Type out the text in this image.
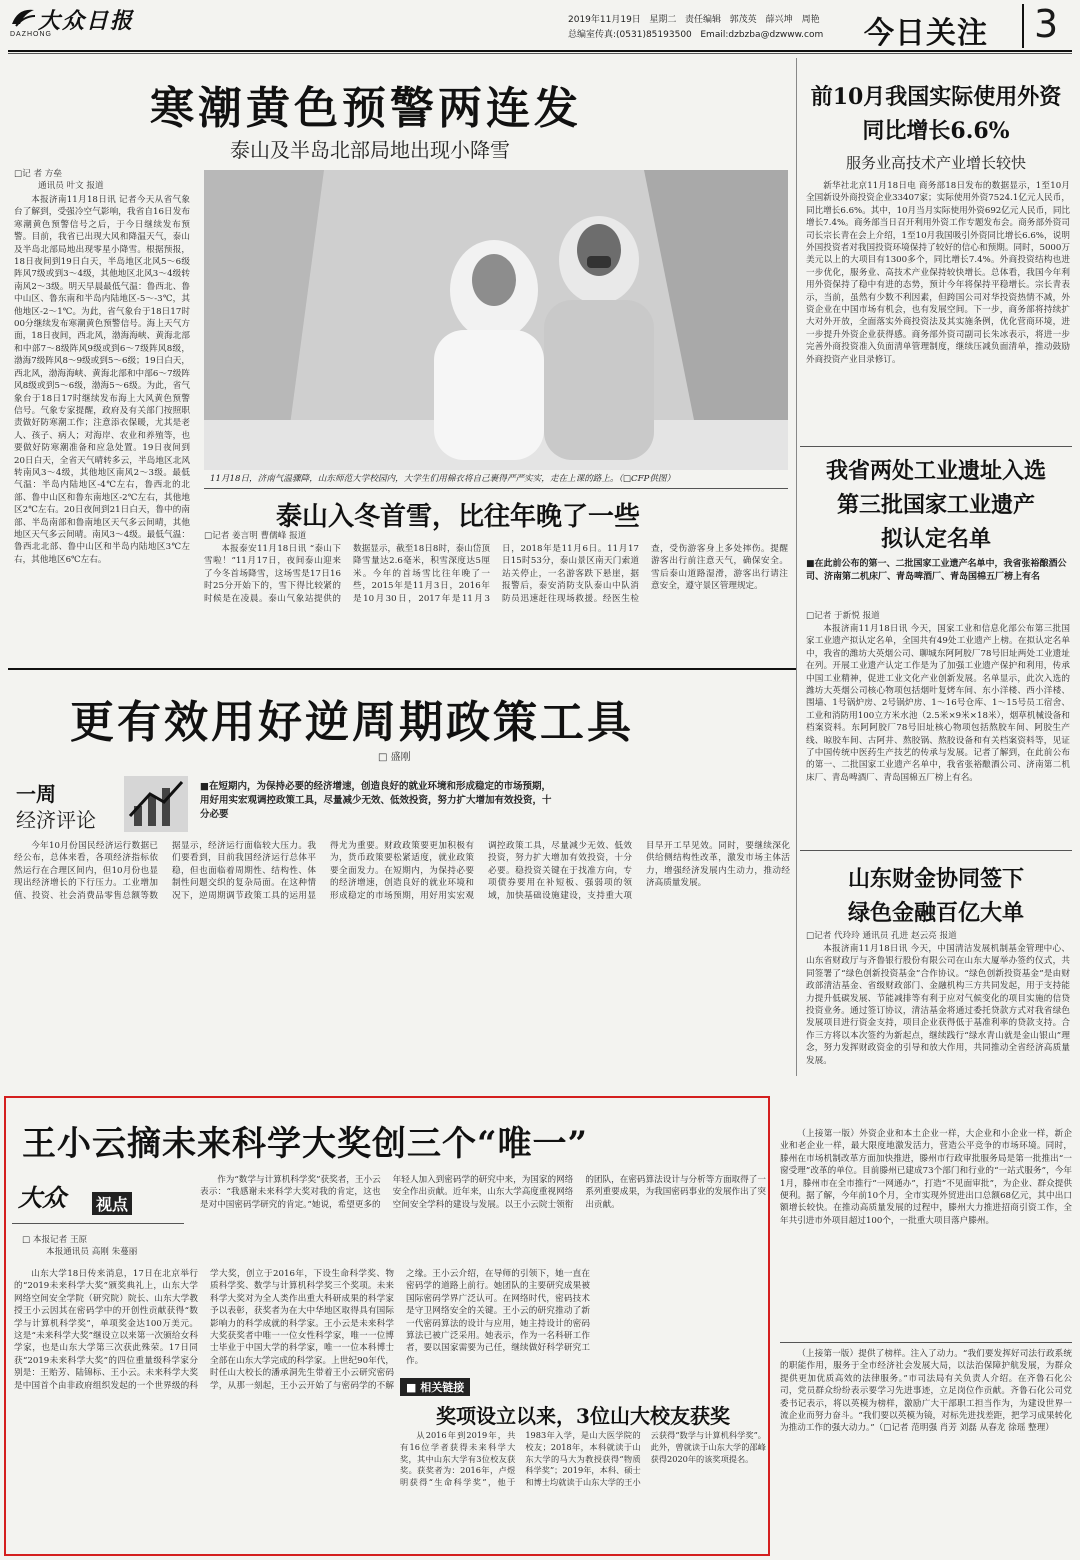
大众日报
DAZHONG
2019年11月19日 星期二 责任编辑 郭茂英　薛兴坤　周艳
总编室传真:(0531)85193500 Email:dzbzba@dzwww.com 今日关注 3
寒潮黄色预警两连发
泰山及半岛北部局地出现小降雪
□记 者 方垒
通讯员 叶文 报道

本报济南11月18日讯 记者今天从省气象台了解到，受强冷空气影响，我省自16日发布寒潮黄色预警信号之后，于今日继续发布预警。目前，我省已出现大风和降温天气，泰山及半岛北部局地出现零星小降雪。根据预报，18日夜间到19日白天，半岛地区北风5～6级阵风7级或到3～4级，其他地区北风3～4级转南风2～3级。明天早晨最低气温：鲁西北、鲁中山区、鲁东南和半岛内陆地区-5～-3℃，其他地区-2～1℃。为此，省气象台于18日17时00分继续发布寒潮黄色预警信号。海上天气方面，18日夜间，西北风，渤海海峡、黄海北部和中部7～8级阵风9级或到6～7级阵风8级，渤海7级阵风8～9级或到5～6级；19日白天，西北风，渤海海峡、黄海北部和中部6～7级阵风8级或到5～6级，渤海5～6级。为此，省气象台于18日17时继续发布海上大风黄色预警信号。气象专家提醒，政府及有关部门按照职责做好防寒潮工作；注意添衣保暖，尤其是老人、孩子、病人；对海岸、农业和养殖等，也要做好防寒潮准备和应急处置。19日夜间到20日白天，全省天气晴转多云，半岛地区北风转南风3～4级，其他地区南风2～3级。最低气温：半岛内陆地区-4℃左右，鲁西北的北部、鲁中山区和鲁东南地区-2℃左右，其他地区2℃左右。20日夜间到21日白天，鲁中的南部、半岛南部和鲁南地区天气多云间晴，其他地区天气多云间晴。南风3～4级。最低气温：鲁西北北部、鲁中山区和半岛内陆地区3℃左右，其他地区6℃左右。

11月18日，济南气温骤降，山东师范大学校园内，大学生们用棉衣将自己裹得严严实实，走在上课的路上。（□CFP供图）
泰山入冬首雪，比往年晚了一些
□记者 姜言明 曹儒峰 报道

本报泰安11月18日讯 “泰山下雪啦！”11月17日，夜间泰山迎来了今冬首场降雪，这场雪是17日16时25分开始下的，雪下得比较紧的时候是在凌晨。泰山气象站提供的数据显示，截至18日8时，泰山岱顶降雪量达2.6毫米，积雪深度达5厘米。今年的首场雪比往年晚了一些，2015年是11月3日，2016年是10月30日，2017年是11月3日，2018年是11月6日。11月17日15时53分，泰山景区南天门索道站关停止，一名游客跌下悬崖，据报警后，泰安消防支队泰山中队消防员迅速赶往现场救援。经医生检查，受伤游客身上多处摔伤。提醒游客出行前注意天气，确保安全。雪后泰山道路湿滑，游客出行请注意安全，遵守景区管理规定。

前10月我国实际使用外资
同比增长6.6%
服务业高技术产业增长较快

新华社北京11月18日电 商务部18日发布的数据显示，1至10月全国新设外商投资企业33407家；实际使用外资7524.1亿元人民币，同比增长6.6%。其中，10月当月实际使用外资692亿元人民币，同比增长7.4%。商务部当日召开利用外资工作专题发布会。商务部外资司司长宗长青在会上介绍，1至10月我国吸引外资同比增长6.6%，说明外国投资者对我国投资环境保持了较好的信心和预期。同时，5000万美元以上的大项目有1300多个，同比增长7.4%。外商投资结构也进一步优化，服务业、高技术产业保持较快增长。总体看，我国今年利用外资保持了稳中有进的态势，预计今年将保持平稳增长。宗长青表示，当前，虽然有少数不利因素，但跨国公司对华投资热情不减，外资企业在中国市场有机会，也有发展空间。下一步，商务部将持续扩大对外开放，全面落实外商投资法及其实施条例，优化营商环境，进一步提升外资企业获得感。商务部外资司副司长朱冰表示，将进一步完善外商投资准入负面清单管理制度，继续压减负面清单，推动鼓励外商投资产业目录修订。

我省两处工业遗址入选
第三批国家工业遗产
拟认定名单
■在此前公布的第一、二批国家工业遗产名单中，我省张裕酿酒公司、济南第二机床厂、青岛啤酒厂、青岛国棉五厂榜上有名
□记者 于新悦 报道

本报济南11月18日讯 今天，国家工业和信息化部公布第三批国家工业遗产拟认定名单，全国共有49处工业遗产上榜。在拟认定名单中，我省的潍坊大英烟公司、聊城东阿阿胶厂78号旧址两处工业遗址在列。开展工业遗产认定工作是为了加强工业遗产保护和利用，传承中国工业精神，促进工业文化产业创新发展。名单显示，此次入选的潍坊大英烟公司核心物项包括烟叶复烤车间、东小洋楼、西小洋楼、围墙、1号锅炉房、2号锅炉房、1～16号仓库、1～15号员工宿舍、工业和消防用100立方米水池（2.5米×9米×18米），烟草机械设备和档案资料。东阿阿胶厂78号旧址核心物项包括熬胶车间、阿胶生产线、晾胶车间、古阿井、熬胶锅、熬胶设备和有关档案资料等，见证了中国传统中医药生产技艺的传承与发展。记者了解到，在此前公布的第一、二批国家工业遗产名单中，我省张裕酿酒公司、济南第二机床厂、青岛啤酒厂、青岛国棉五厂榜上有名。

山东财金协同签下
绿色金融百亿大单
□记者 代玲玲 通讯员 孔进 赵云亮 报道

本报济南11月18日讯 今天，中国清洁发展机制基金管理中心、山东省财政厅与齐鲁银行股份有限公司在山东大厦举办签约仪式，共同签署了“绿色创新投资基金”合作协议。“绿色创新投资基金”是由财政部清洁基金、省级财政部门、金融机构三方共同发起，用于支持能力提升低碳发展、节能减排等有利于应对气候变化的项目实施的信贷投资业务。通过签订协议，清洁基金将通过委托贷款方式对我省绿色发展项目进行资金支持，项目企业获得低于基准利率的贷款支持。合作三方将以本次签约为新起点，继续践行“绿水青山就是金山银山”理念，努力发挥财政资金的引导和放大作用，共同推动全省经济高质量发展。

更有效用好逆周期政策工具
□ 盛刚
一周
经济评论
■在短期内，为保持必要的经济增速，创造良好的就业环境和形成稳定的市场预期，用好用实宏观调控政策工具，尽量减少无效、低效投资，努力扩大增加有效投资，十分必要

今年10月份国民经济运行数据已经公布，总体来看，各项经济指标依然运行在合理区间内，但10月份也显现出经济增长的下行压力。工业增加值、投资、社会消费品零售总额等数据显示，经济运行面临较大压力。我们要看到，目前我国经济运行总体平稳，但也面临着周期性、结构性、体制性问题交织的复杂局面。在这种情况下，逆周期调节政策工具的运用显得尤为重要。财政政策要更加积极有为，货币政策要松紧适度，就业政策要全面发力。在短期内，为保持必要的经济增速，创造良好的就业环境和形成稳定的市场预期，用好用实宏观调控政策工具，尽量减少无效、低效投资，努力扩大增加有效投资，十分必要。稳投资关键在于找准方向，专项债券要用在补短板、强弱项的领域，加快基础设施建设，支持重大项目早开工早见效。同时，要继续深化供给侧结构性改革，激发市场主体活力，增强经济发展内生动力，推动经济高质量发展。

王小云摘未来科学大奖创三个“唯一”
大众 视点
□ 本报记者 王原
本报通讯员 高刚 朱蔓丽

山东大学18日传来消息，17日在北京举行的“2019未来科学大奖”颁奖典礼上，山东大学网络空间安全学院（研究院）院长、山东大学教授王小云因其在密码学中的开创性贡献获得“数学与计算机科学奖”，单项奖金达100万美元。这是“未来科学大奖”继设立以来第一次颁给女科学家，也是山东大学第三次获此殊荣。17日同获“2019未来科学大奖”的四位重量级科学家分别是：王贻芳、陆锦标、王小云。未来科学大奖是中国首个由非政府组织发起的一个世界级的科学大奖，创立于2016年，下设生命科学奖、物质科学奖、数学与计算机科学奖三个奖项。未来科学大奖对为全人类作出重大科研成果的科学家予以表彰，获奖者为在大中华地区取得具有国际影响力的科学成就的科学家。王小云是未来科学大奖获奖者中唯一一位女性科学家，唯一一位博士毕业于中国大学的科学家，唯一一位本科博士全部在山东大学完成的科学家。上世纪90年代，时任山大校长的潘承洞先生带着王小云研究密码学，从那一刻起，王小云开始了与密码学的不解之缘。王小云介绍，在导师的引领下，她一直在密码学的道路上前行。她团队的主要研究成果被国际密码学界广泛认可。在网络时代，密码技术是守卫网络安全的关键。王小云的研究推动了新一代密码算法的设计与应用，她主持设计的密码算法已被广泛采用。她表示，作为一名科研工作者，要以国家需要为己任，继续做好科学研究工作。

作为“数学与计算机科学奖”获奖者，王小云表示：“我感谢未来科学大奖对我的肯定，这也是对中国密码学研究的肯定。”她说，希望更多的年轻人加入到密码学的研究中来，为国家的网络安全作出贡献。近年来，山东大学高度重视网络空间安全学科的建设与发展。以王小云院士领衔的团队，在密码算法设计与分析等方面取得了一系列重要成果，为我国密码事业的发展作出了突出贡献。

■ 相关链接
奖项设立以来，3位山大校友获奖

从2016年到2019年，共有16位学者获得未来科学大奖，其中山东大学有3位校友获奖。获奖者为：2016年，卢煜明获得“生命科学奖”，他于1983年入学，是山大医学院的校友；2018年，本科就读于山东大学的马大为教授获得“物质科学奖”；2019年，本科、硕士和博士均就读于山东大学的王小云获得“数学与计算机科学奖”。此外，曾就读于山东大学的邵峰获得2020年的该奖项提名。

（上接第一版）外资企业和本土企业一样，大企业和小企业一样，新企业和老企业一样，最大限度地激发活力，营造公平竞争的市场环境。同时，滕州在市场机制改革方面加快推进，滕州市行政审批服务局是第一批推出“一窗受理”改革的单位。目前滕州已建成73个部门和行业的“一站式服务”，今年1月，滕州市在全市推行“一网通办”，打造“不见面审批”，为企业、群众提供便利。据了解，今年前10个月，全市实现外贸进出口总额68亿元，其中出口额增长较快。在推动高质量发展的过程中，滕州大力推进招商引资工作，全年共引进市外项目超过100个，一批重大项目落户滕州。

（上接第一版）提供了榜样。注入了动力。“我们要发挥好司法行政系统的职能作用，服务于全市经济社会发展大局，以法治保障护航发展，为群众提供更加优质高效的法律服务。”市司法局有关负责人介绍。在齐鲁石化公司，党员群众纷纷表示要学习先进事迹，立足岗位作贡献。齐鲁石化公司党委书记表示，将以英模为榜样，激励广大干部职工担当作为，为建设世界一流企业而努力奋斗。“我们要以英模为镜，对标先进找差距，把学习成果转化为推动工作的强大动力。”（□记者 范明强 肖芳 刘磊 从春龙 徐瑶 整理）
